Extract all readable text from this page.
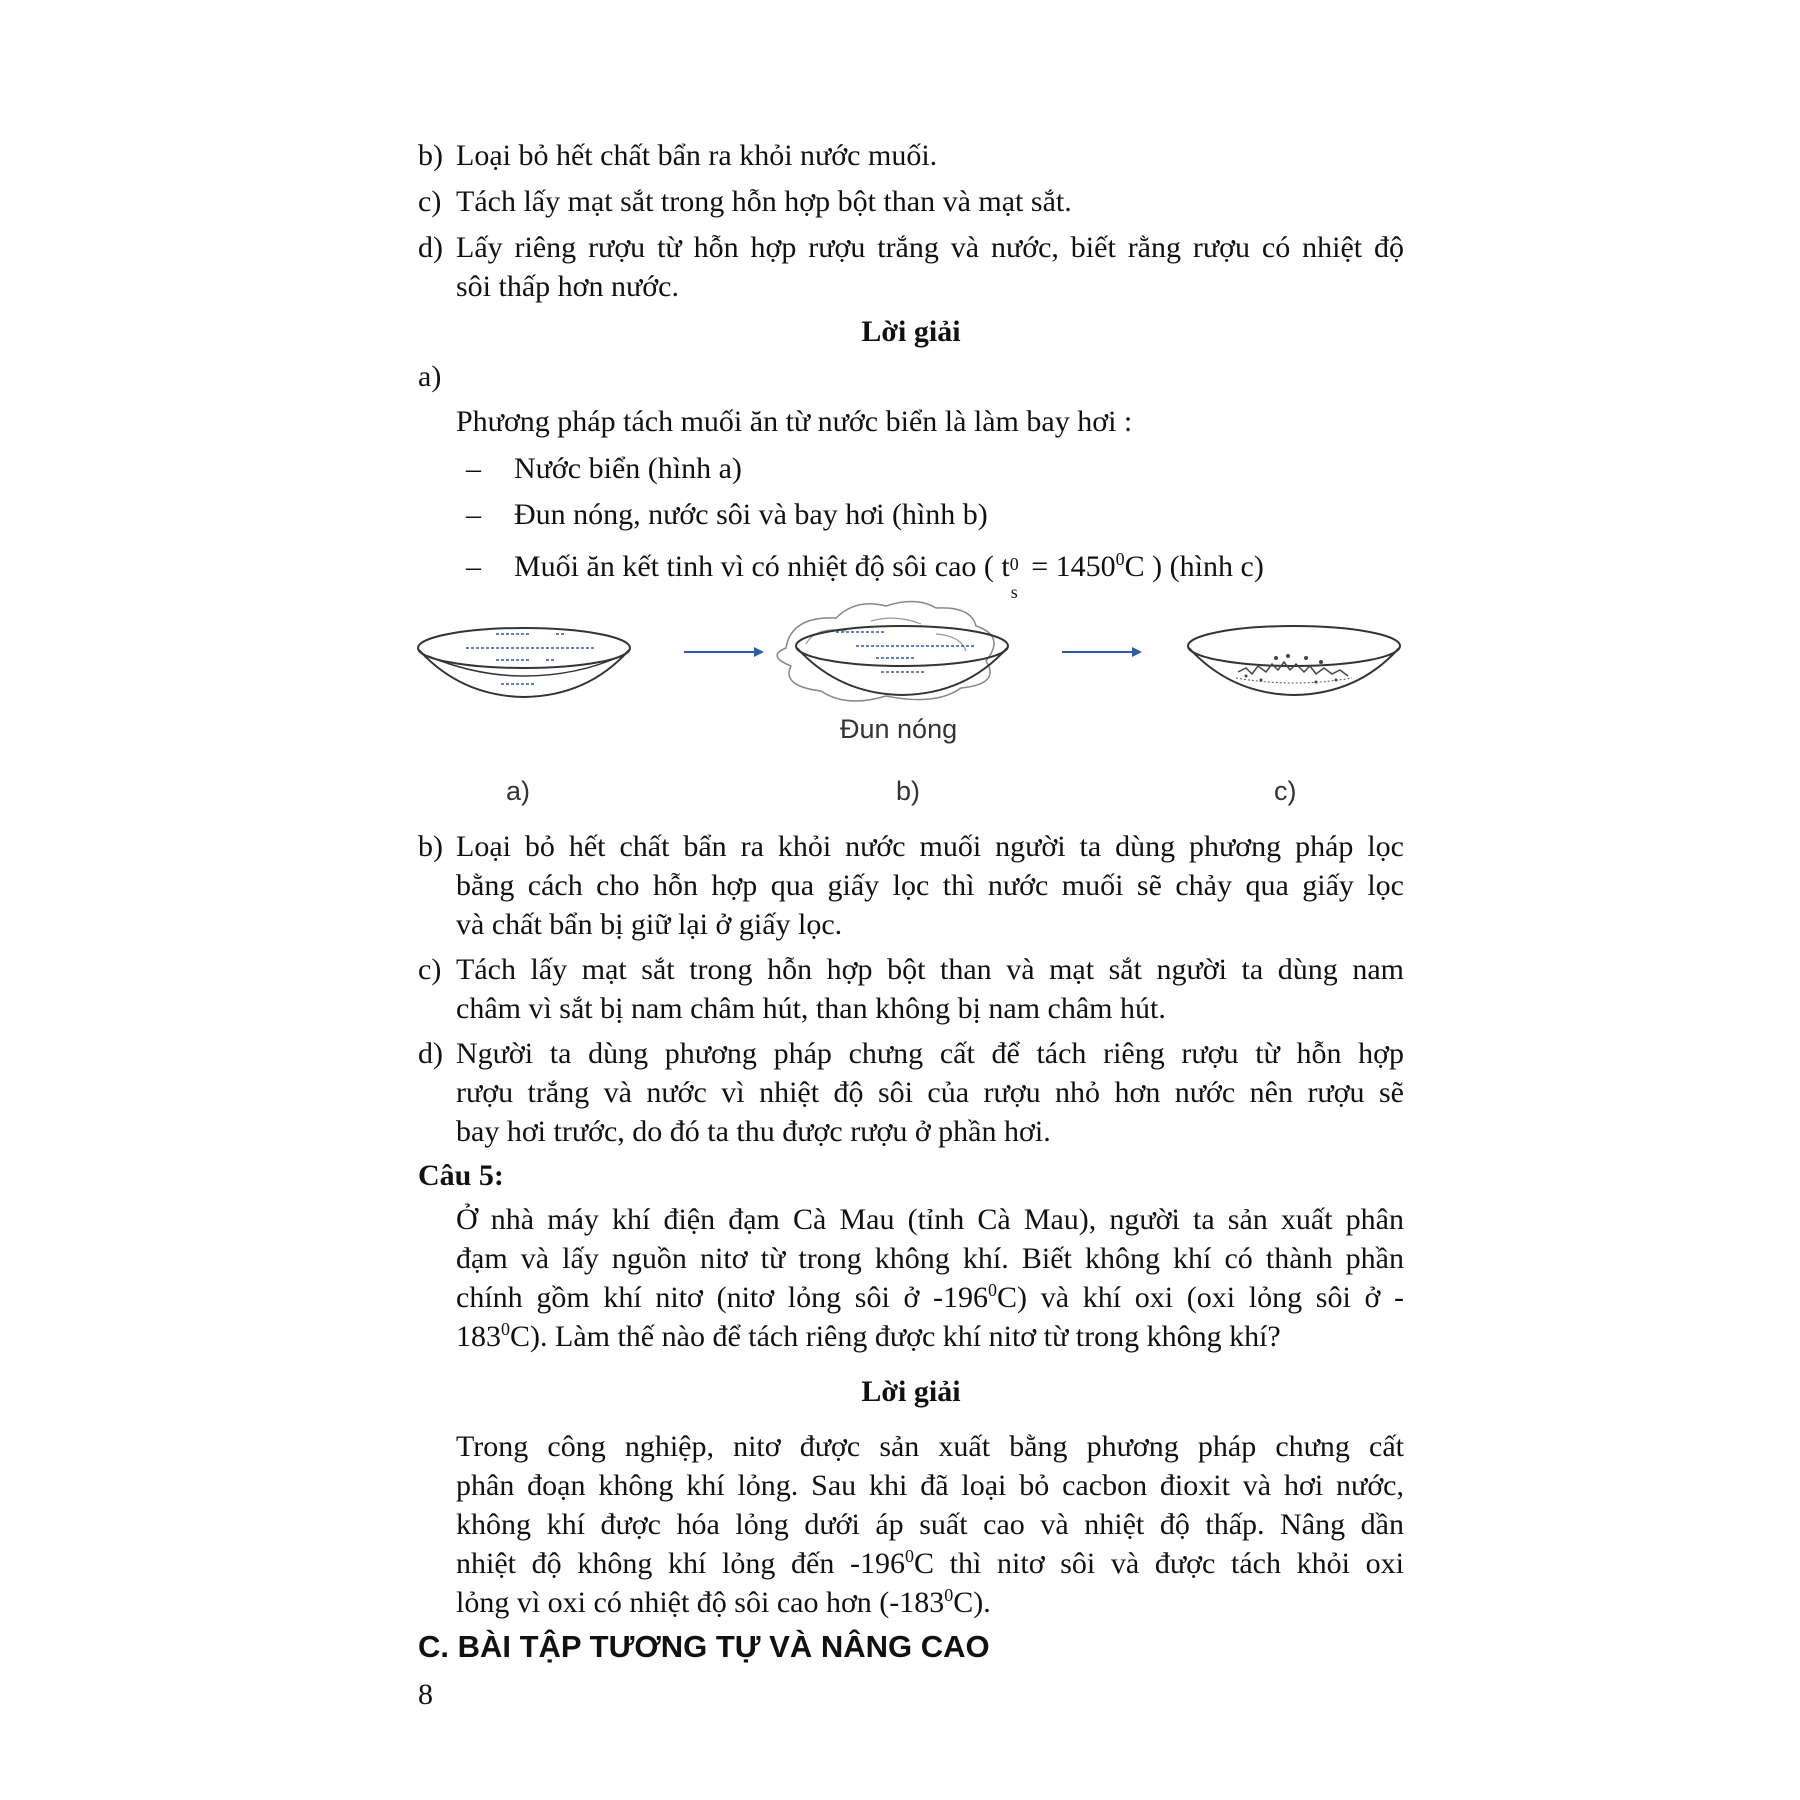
b) Loại bỏ hết chất bẩn ra khỏi nước muối.
c) Tách lấy mạt sắt trong hỗn hợp bột than và mạt sắt.
d) Lấy riêng rượu từ hỗn hợp rượu trắng và nước, biết rằng rượu có nhiệt độ
sôi thấp hơn nước.
Lời giải
a)
Phương pháp tách muối ăn từ nước biển là làm bay hơi :
– Nước biển (hình a)
– Đun nóng, nước sôi và bay hơi (hình b)
– Muối ăn kết tinh vì có nhiệt độ sôi cao ( t 0
s
= $1450^0C$ ) (hình c)
Đun nóng
a)	b)	c)
b) Loại bỏ hết chất bẩn ra khỏi nước muối người ta dùng phương pháp lọc
bằng cách cho hỗn hợp qua giấy lọc thì nước muối sẽ chảy qua giấy lọc
và chất bẩn bị giữ lại ở giấy lọc.
c) Tách lấy mạt sắt trong hỗn hợp bột than và mạt sắt người ta dùng nam
châm vì sắt bị nam châm hút, than không bị nam châm hút.
d) Người ta dùng phương pháp chưng cất để tách riêng rượu từ hỗn hợp
rượu trắng và nước vì nhiệt độ sôi của rượu nhỏ hơn nước nên rượu sẽ
bay hơi trước, do đó ta thu được rượu ở phần hơi.
Câu 5:
Ở nhà máy khí điện đạm Cà Mau (tỉnh Cà Mau), người ta sản xuất phân
đạm và lấy nguồn nitơ từ trong không khí. Biết không khí có thành phần
chính gồm khí nitơ (nitơ lỏng sôi ở $-196^0C$) và khí oxi (oxi lỏng sôi ở -
$183^0C$). Làm thế nào để tách riêng được khí nitơ từ trong không khí?
Lời giải
Trong công nghiệp, nitơ được sản xuất bằng phương pháp chưng cất
phân đoạn không khí lỏng. Sau khi đã loại bỏ cacbon đioxit và hơi nước,
không khí được hóa lỏng dưới áp suất cao và nhiệt độ thấp. Nâng dần
nhiệt độ không khí lỏng đến $-196^0C$ thì nitơ sôi và được tách khỏi oxi
lỏng vì oxi có nhiệt độ sôi cao hơn $(-183^0C)$.
C. BÀI TẬP TƯƠNG TỰ VÀ NÂNG CAO
8
